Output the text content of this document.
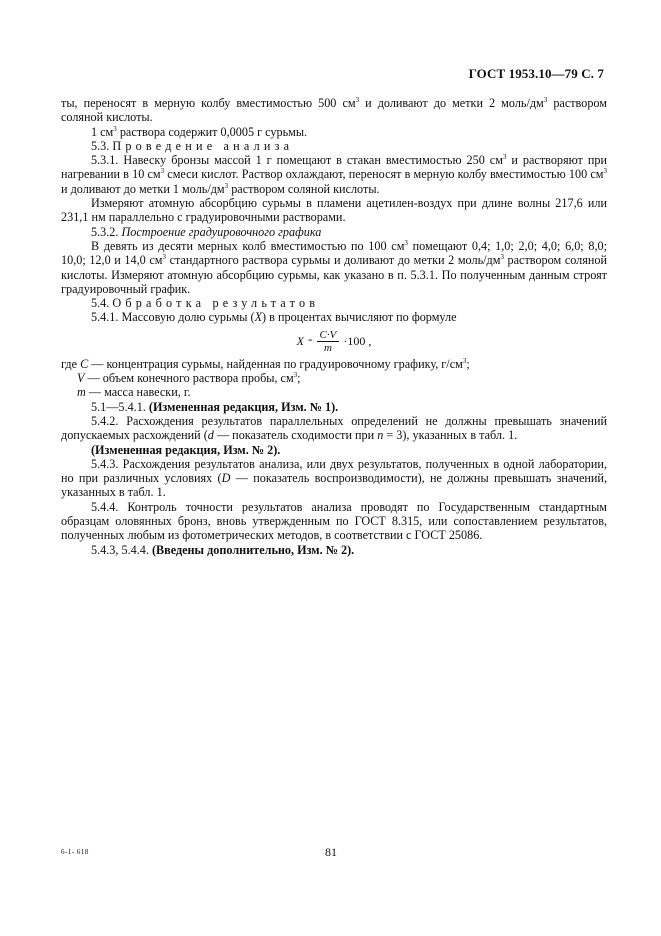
ГОСТ 1953.10—79 С. 7

ты, переносят в мерную колбу вместимостью 500 $см^3$ и доливают до метки 2 моль/$дм^3$ раствором соляной кислоты.

1 $см^3$ раствора содержит 0,0005 г сурьмы.

5.3. Проведение анализа

5.3.1. Навеску бронзы массой 1 г помещают в стакан вместимостью 250 $см^3$ и растворяют при нагревании в 10 $см^3$ смеси кислот. Раствор охлаждают, переносят в мерную колбу вместимостью 100 $см^3$ и доливают до метки 1 моль/$дм^3$ раствором соляной кислоты.

Измеряют атомную абсорбцию сурьмы в пламени ацетилен-воздух при длине волны 217,6 или 231,1 нм параллельно с градуировочными растворами.

5.3.2. Построение градуировочного графика

В девять из десяти мерных колб вместимостью по 100 $см^3$ помещают 0,4; 1,0; 2,0; 4,0; 6,0; 8,0; 10,0; 12,0 и 14,0 $см^3$ стандартного раствора сурьмы и доливают до метки 2 моль/$дм^3$ раствором соляной кислоты. Измеряют атомную абсорбцию сурьмы, как указано в п. 5.3.1. По полученным данным строят градуировочный график.

5.4. Обработка результатов

5.4.1. Массовую долю сурьмы (X) в процентах вычисляют по формуле

$X = \frac{C\cdot V}{m} \cdot 100$ ,

где C — концентрация сурьмы, найденная по градуировочному графику, $г/см^3$;

V — объем конечного раствора пробы, $см^3$;

m — масса навески, г.

5.1—5.4.1. (Измененная редакция, Изм. № 1).

5.4.2. Расхождения результатов параллельных определений не должны превышать значений допускаемых расхождений (d — показатель сходимости при n = 3), указанных в табл. 1.

(Измененная редакция, Изм. № 2).

5.4.3. Расхождения результатов анализа, или двух результатов, полученных в одной лаборатории, но при различных условиях (D — показатель воспроизводимости), не должны превышать значений, указанных в табл. 1.

5.4.4. Контроль точности результатов анализа проводят по Государственным стандартным образцам оловянных бронз, вновь утвержденным по ГОСТ 8.315, или сопоставлением результатов, полученных любым из фотометрических методов, в соответствии с ГОСТ 25086.

5.4.3, 5.4.4. (Введены дополнительно, Изм. № 2).

6-1- 618	81
